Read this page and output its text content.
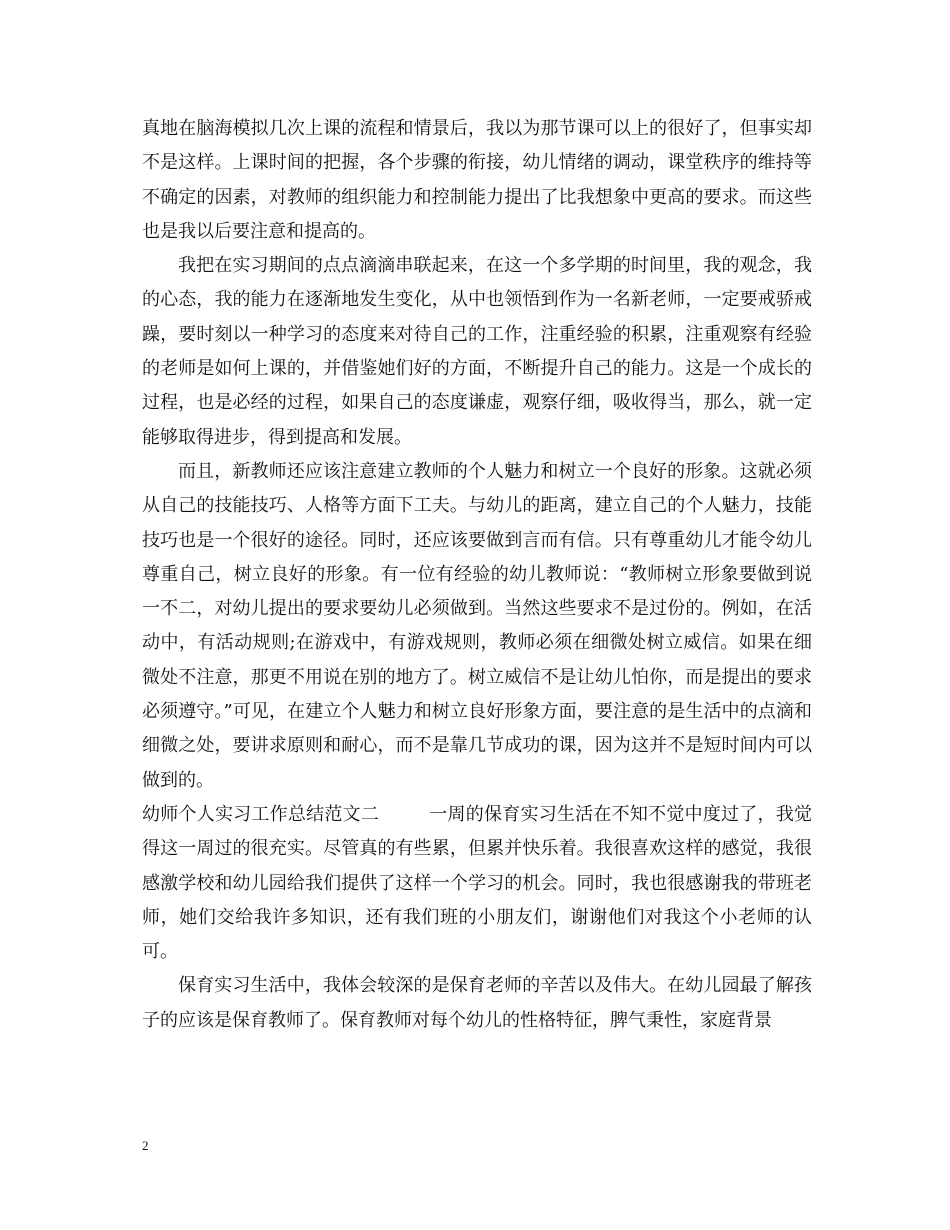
真地在脑海模拟几次上课的流程和情景后，我以为那节课可以上的很好了，但事实却不是这样。上课时间的把握，各个步骤的衔接，幼儿情绪的调动，课堂秩序的维持等不确定的因素，对教师的组织能力和控制能力提出了比我想象中更高的要求。而这些也是我以后要注意和提高的。

我把在实习期间的点点滴滴串联起来，在这一个多学期的时间里，我的观念，我的心态，我的能力在逐渐地发生变化，从中也领悟到作为一名新老师，一定要戒骄戒躁，要时刻以一种学习的态度来对待自己的工作，注重经验的积累，注重观察有经验的老师是如何上课的，并借鉴她们好的方面，不断提升自己的能力。这是一个成长的过程，也是必经的过程，如果自己的态度谦虚，观察仔细，吸收得当，那么，就一定能够取得进步，得到提高和发展。

而且，新教师还应该注意建立教师的个人魅力和树立一个良好的形象。这就必须从自己的技能技巧、人格等方面下工夫。与幼儿的距离，建立自己的个人魅力，技能技巧也是一个很好的途径。同时，还应该要做到言而有信。只有尊重幼儿才能令幼儿尊重自己，树立良好的形象。有一位有经验的幼儿教师说：“教师树立形象要做到说一不二，对幼儿提出的要求要幼儿必须做到。当然这些要求不是过份的。例如，在活动中，有活动规则;在游戏中，有游戏规则，教师必须在细微处树立威信。如果在细微处不注意，那更不用说在别的地方了。树立威信不是让幼儿怕你，而是提出的要求必须遵守。”可见，在建立个人魅力和树立良好形象方面，要注意的是生活中的点滴和细微之处，要讲求原则和耐心，而不是靠几节成功的课，因为这并不是短时间内可以做到的。

幼师个人实习工作总结范文二	一周的保育实习生活在不知不觉中度过了，我觉得这一周过的很充实。尽管真的有些累，但累并快乐着。我很喜欢这样的感觉，我很感激学校和幼儿园给我们提供了这样一个学习的机会。同时，我也很感谢我的带班老师，她们交给我许多知识，还有我们班的小朋友们，谢谢他们对我这个小老师的认可。

保育实习生活中，我体会较深的是保育老师的辛苦以及伟大。在幼儿园最了解孩子的应该是保育教师了。保育教师对每个幼儿的性格特征，脾气秉性，家庭背景

2
